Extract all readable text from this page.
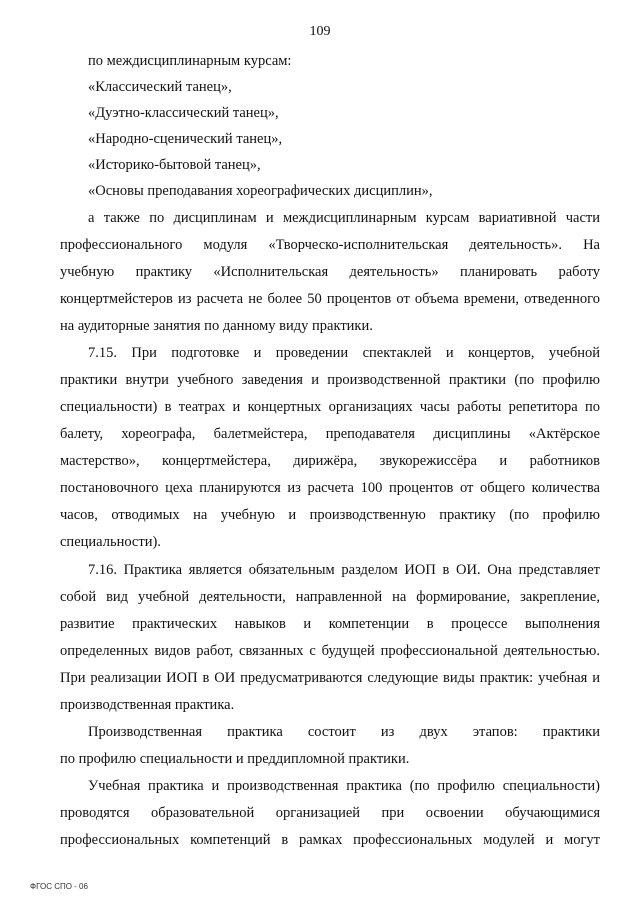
109
по междисциплинарным курсам:
«Классический танец»,
«Дуэтно-классический танец»,
«Народно-сценический танец»,
«Историко-бытовой танец»,
«Основы преподавания хореографических дисциплин»,
а также по дисциплинам и междисциплинарным курсам вариативной части
профессионального модуля «Творческо-исполнительская деятельность». На
учебную практику «Исполнительская деятельность» планировать работу
концертмейстеров из расчета не более 50 процентов от объема времени, отведенного
на аудиторные занятия по данному виду практики.
7.15. При подготовке и проведении спектаклей и концертов, учебной
практики внутри учебного заведения и производственной практики (по профилю
специальности) в театрах и концертных организациях часы работы репетитора по
балету, хореографа, балетмейстера, преподавателя дисциплины «Актёрское
мастерство», концертмейстера, дирижёра, звукорежиссёра и работников
постановочного цеха планируются из расчета 100 процентов от общего количества
часов, отводимых на учебную и производственную практику (по профилю
специальности).
7.16. Практика является обязательным разделом ИОП в ОИ. Она представляет
собой вид учебной деятельности, направленной на формирование, закрепление,
развитие практических навыков и компетенции в процессе выполнения
определенных видов работ, связанных с будущей профессиональной деятельностью.
При реализации ИОП в ОИ предусматриваются следующие виды практик: учебная и
производственная практика.
Производственная практика состоит из двух этапов: практики
по профилю специальности и преддипломной практики.
Учебная практика и производственная практика (по профилю специальности)
проводятся образовательной организацией при освоении обучающимися
профессиональных компетенций в рамках профессиональных модулей и могут
ФГОС СПО - 06
